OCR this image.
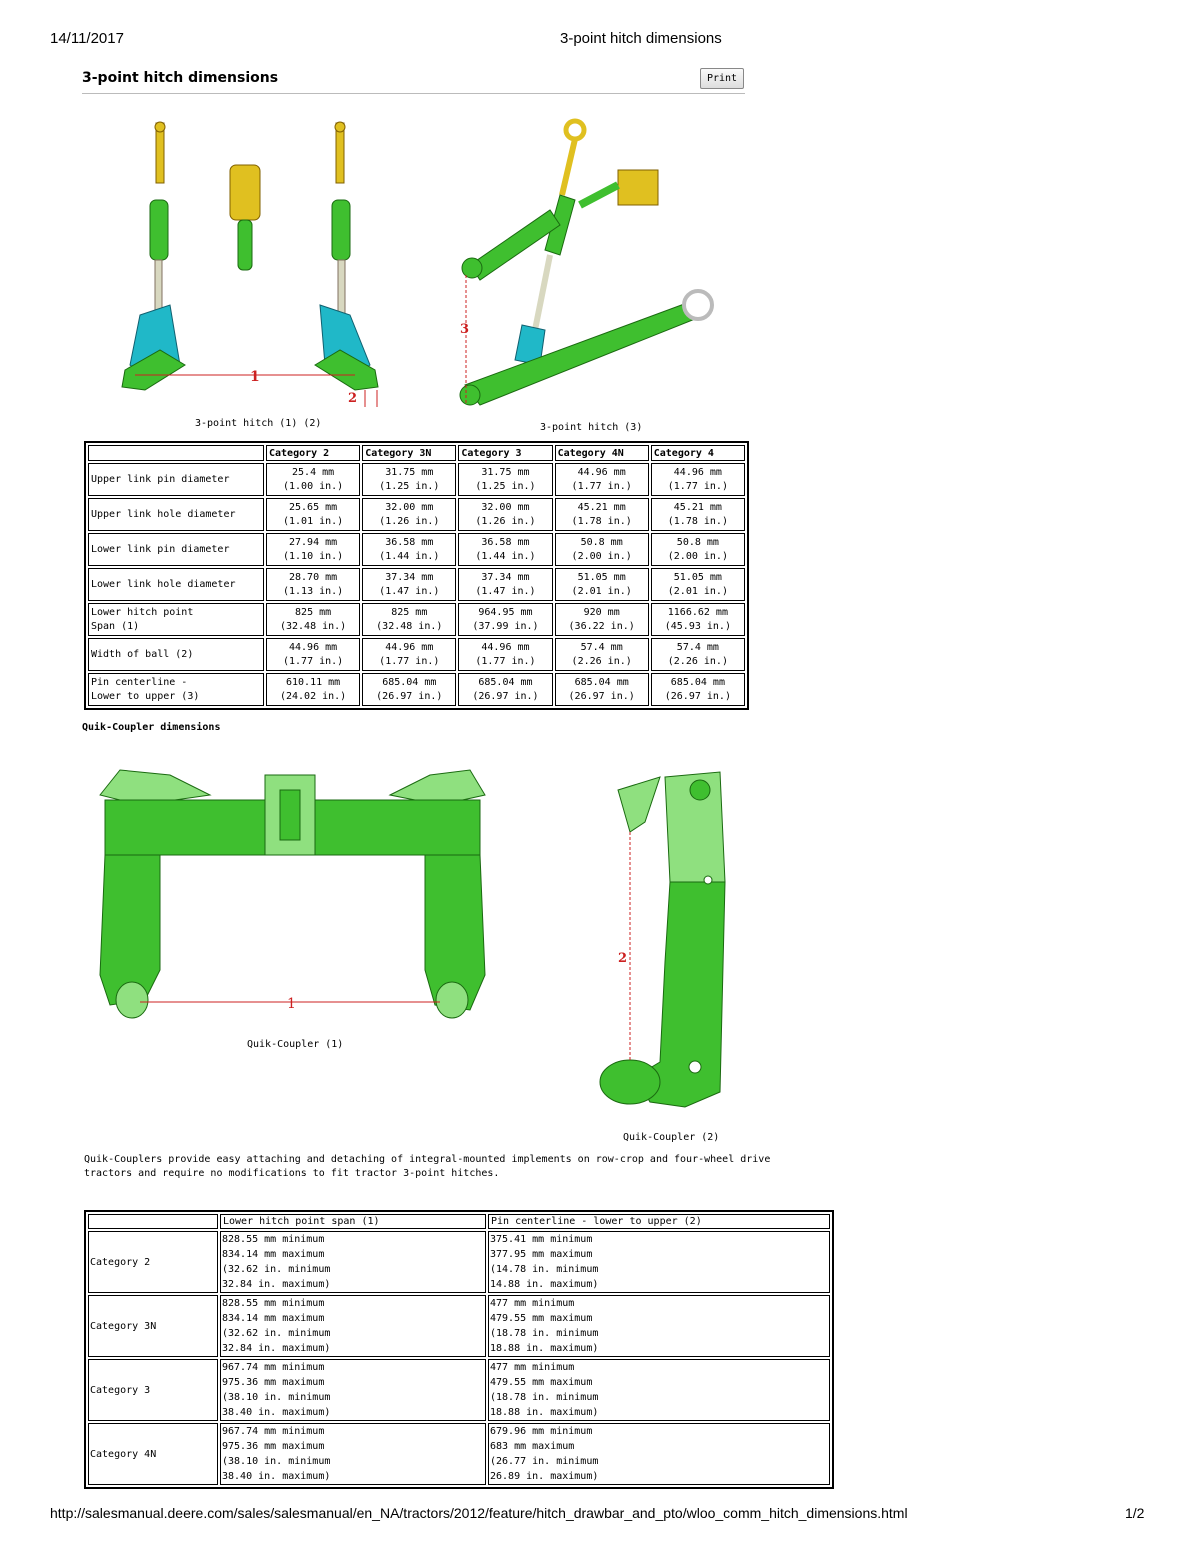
14/11/2017	3-point hitch dimensions
3-point hitch dimensions	Print
1
2
3-point hitch (1) (2)
3
3-point hitch (3)
	Category 2	Category 3N	Category 3	Category 4N	Category 4

Upper link pin diameter	25.4 mm
(1.00 in.)	31.75 mm
(1.25 in.)	31.75 mm
(1.25 in.)	44.96 mm
(1.77 in.)	44.96 mm
(1.77 in.)

Upper link hole diameter	25.65 mm
(1.01 in.)	32.00 mm
(1.26 in.)	32.00 mm
(1.26 in.)	45.21 mm
(1.78 in.)	45.21 mm
(1.78 in.)

Lower link pin diameter	27.94 mm
(1.10 in.)	36.58 mm
(1.44 in.)	36.58 mm
(1.44 in.)	50.8 mm
(2.00 in.)	50.8 mm
(2.00 in.)

Lower link hole diameter	28.70 mm
(1.13 in.)	37.34 mm
(1.47 in.)	37.34 mm
(1.47 in.)	51.05 mm
(2.01 in.)	51.05 mm
(2.01 in.)

Lower hitch point
Span (1)	825 mm
(32.48 in.)	825 mm
(32.48 in.)	964.95 mm
(37.99 in.)	920 mm
(36.22 in.)	1166.62 mm
(45.93 in.)

Width of ball (2)	44.96 mm
(1.77 in.)	44.96 mm
(1.77 in.)	44.96 mm
(1.77 in.)	57.4 mm
(2.26 in.)	57.4 mm
(2.26 in.)

Pin centerline -
Lower to upper (3)	610.11 mm
(24.02 in.)	685.04 mm
(26.97 in.)	685.04 mm
(26.97 in.)	685.04 mm
(26.97 in.)	685.04 mm
(26.97 in.)
Quik-Coupler dimensions
1
Quik-Coupler (1)
2
Quik-Coupler (2)
Quik-Couplers provide easy attaching and detaching of integral-mounted implements on row-crop and four-wheel drive tractors and require no modifications to fit tractor 3-point hitches.
	Lower hitch point span (1)	Pin centerline - lower to upper (2)
Category 2	828.55 mm minimum
834.14 mm maximum
(32.62 in. minimum
32.84 in. maximum)	375.41 mm minimum
377.95 mm maximum
(14.78 in. minimum
14.88 in. maximum)

Category 3N	828.55 mm minimum
834.14 mm maximum
(32.62 in. minimum
32.84 in. maximum)	477 mm minimum
479.55 mm maximum
(18.78 in. minimum
18.88 in. maximum)

Category 3	967.74 mm minimum
975.36 mm maximum
(38.10 in. minimum
38.40 in. maximum)	477 mm minimum
479.55 mm maximum
(18.78 in. minimum
18.88 in. maximum)

Category 4N	967.74 mm minimum
975.36 mm maximum
(38.10 in. minimum
38.40 in. maximum)	679.96 mm minimum
683 mm maximum
(26.77 in. minimum
26.89 in. maximum)
http://salesmanual.deere.com/sales/salesmanual/en_NA/tractors/2012/feature/hitch_drawbar_and_pto/wloo_comm_hitch_dimensions.html	1/2
